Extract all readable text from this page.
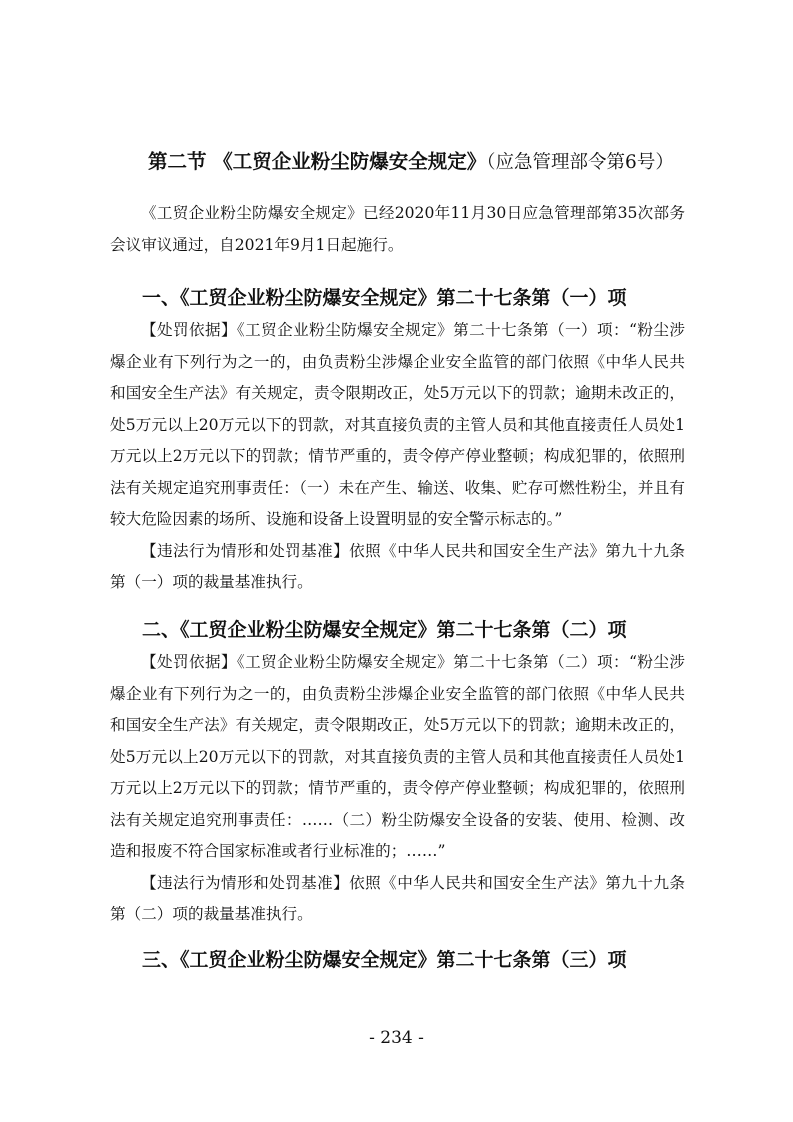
第二节 《工贸企业粉尘防爆安全规定》（应急管理部令第6号）

《工贸企业粉尘防爆安全规定》已经2020年11月30日应急管理部第35次部务会议审议通过，自2021年9月1日起施行。

一、《工贸企业粉尘防爆安全规定》第二十七条第（一）项

【处罚依据】《工贸企业粉尘防爆安全规定》第二十七条第（一）项：“粉尘涉爆企业有下列行为之一的，由负责粉尘涉爆企业安全监管的部门依照《中华人民共和国安全生产法》有关规定，责令限期改正，处5万元以下的罚款；逾期未改正的，处5万元以上20万元以下的罚款，对其直接负责的主管人员和其他直接责任人员处1万元以上2万元以下的罚款；情节严重的，责令停产停业整顿；构成犯罪的，依照刑法有关规定追究刑事责任：（一）未在产生、输送、收集、贮存可燃性粉尘，并且有较大危险因素的场所、设施和设备上设置明显的安全警示标志的。”

【违法行为情形和处罚基准】依照《中华人民共和国安全生产法》第九十九条第（一）项的裁量基准执行。

二、《工贸企业粉尘防爆安全规定》第二十七条第（二）项

【处罚依据】《工贸企业粉尘防爆安全规定》第二十七条第（二）项：“粉尘涉爆企业有下列行为之一的，由负责粉尘涉爆企业安全监管的部门依照《中华人民共和国安全生产法》有关规定，责令限期改正，处5万元以下的罚款；逾期未改正的，处5万元以上20万元以下的罚款，对其直接负责的主管人员和其他直接责任人员处1万元以上2万元以下的罚款；情节严重的，责令停产停业整顿；构成犯罪的，依照刑法有关规定追究刑事责任：……（二）粉尘防爆安全设备的安装、使用、检测、改造和报废不符合国家标准或者行业标准的；……”

【违法行为情形和处罚基准】依照《中华人民共和国安全生产法》第九十九条第（二）项的裁量基准执行。

三、《工贸企业粉尘防爆安全规定》第二十七条第（三）项
- 234 -
